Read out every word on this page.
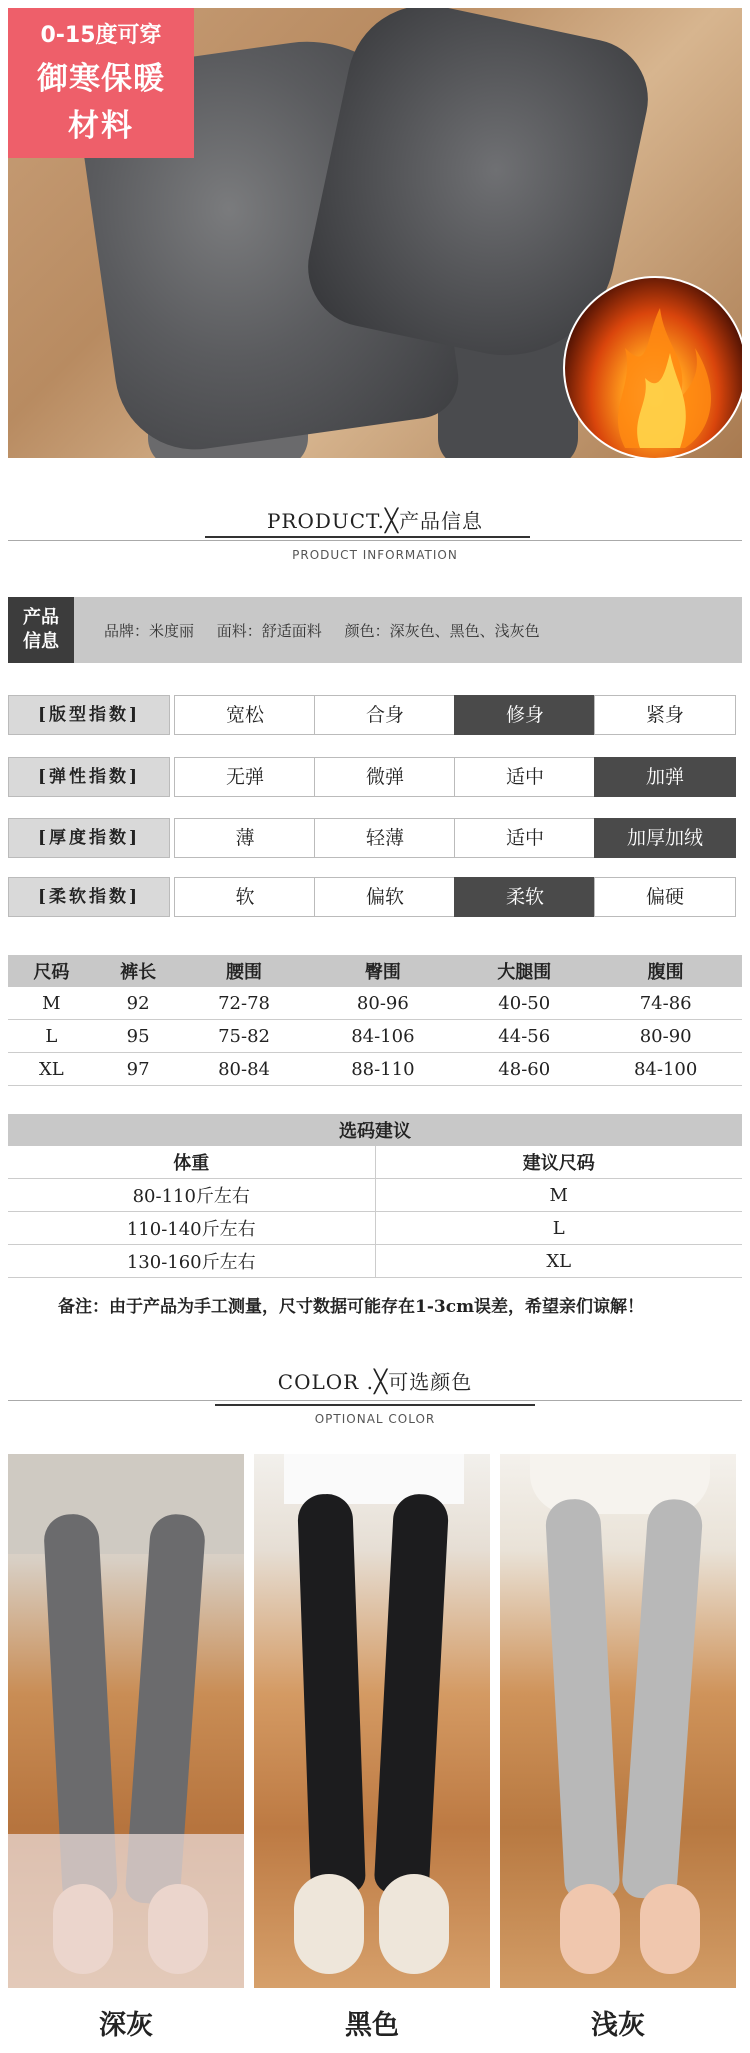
0-15度可穿
御寒保暖
材料
PRODUCT.╳产品信息
PRODUCT INFORMATION
产品
信息	品牌：米度丽 面料：舒适面料 颜色：深灰色、黑色、浅灰色
[版型指数]	宽松	合身	修身	紧身
[弹性指数]	无弹	微弹	适中	加弹
[厚度指数]	薄	轻薄	适中	加厚加绒
[柔软指数]	软	偏软	柔软	偏硬
尺码	裤长	腰围	臀围	大腿围	腹围
M	92	72-78	80-96	40-50	74-86
L	95	75-82	84-106	44-56	80-90
XL	97	80-84	88-110	48-60	84-100
选码建议	
体重	建议尺码
80-110斤左右	M
110-140斤左右	L
130-160斤左右	XL
备注：由于产品为手工测量，尺寸数据可能存在1-3cm误差，希望亲们谅解！
COLOR .╳可选颜色
OPTIONAL COLOR
深灰	黑色	浅灰
